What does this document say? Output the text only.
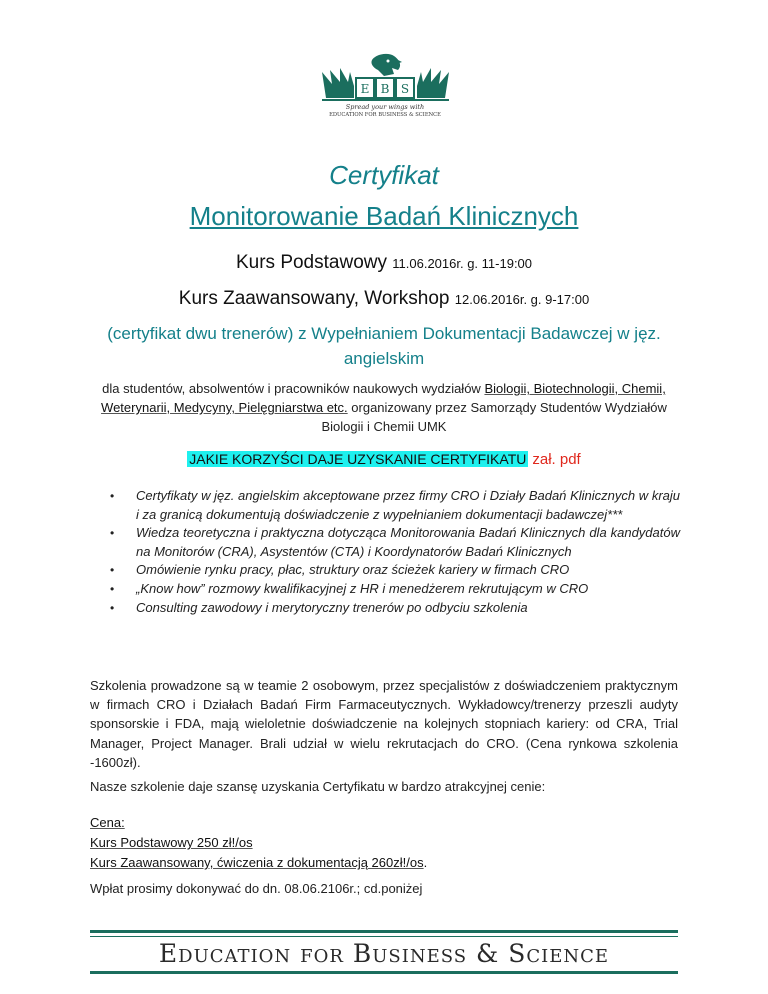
E B S
Spread your wings with
EDUCATION FOR BUSINESS & SCIENCE
Certyfikat
Monitorowanie Badań Klinicznych
Kurs Podstawowy 11.06.2016r. g. 11-19:00
Kurs Zaawansowany, Workshop 12.06.2016r. g. 9-17:00
(certyfikat dwu trenerów) z Wypełnianiem Dokumentacji Badawczej w jęz. angielskim
dla studentów, absolwentów i pracowników naukowych wydziałów Biologii, Biotechnologii, Chemii, Weterynarii, Medycyny, Pielęgniarstwa etc. organizowany przez Samorządy Studentów Wydziałów Biologii i Chemii UMK
JAKIE KORZYŚCI DAJE UZYSKANIE CERTYFIKATU zał. pdf
• Certyfikaty w jęz. angielskim akceptowane przez firmy CRO i Działy Badań Klinicznych w kraju i za granicą dokumentują doświadczenie z wypełnianiem dokumentacji badawczej***
• Wiedza teoretyczna i praktyczna dotycząca Monitorowania Badań Klinicznych dla kandydatów na Monitorów (CRA), Asystentów (CTA) i Koordynatorów Badań Klinicznych
• Omówienie rynku pracy, płac, struktury oraz ścieżek kariery w firmach CRO
• „Know how” rozmowy kwalifikacyjnej z HR i menedżerem rekrutującym w CRO
• Consulting zawodowy i merytoryczny trenerów po odbyciu szkolenia
Szkolenia prowadzone są w teamie 2 osobowym, przez specjalistów z doświadczeniem praktycznym w firmach CRO i Działach Badań Firm Farmaceutycznych. Wykładowcy/trenerzy przeszli audyty sponsorskie i FDA, mają wieloletnie doświadczenie na kolejnych stopniach kariery: od CRA, Trial Manager, Project Manager. Brali udział w wielu rekrutacjach do CRO. (Cena rynkowa szkolenia -1600zł).
Nasze szkolenie daje szansę uzyskania Certyfikatu w bardzo atrakcyjnej cenie:
Cena:
Kurs Podstawowy 250 zł!/os
Kurs Zaawansowany, ćwiczenia z dokumentacją 260zł!/os.
Wpłat prosimy dokonywać do dn. 08.06.2106r.; cd.poniżej
Education for Business & Science
